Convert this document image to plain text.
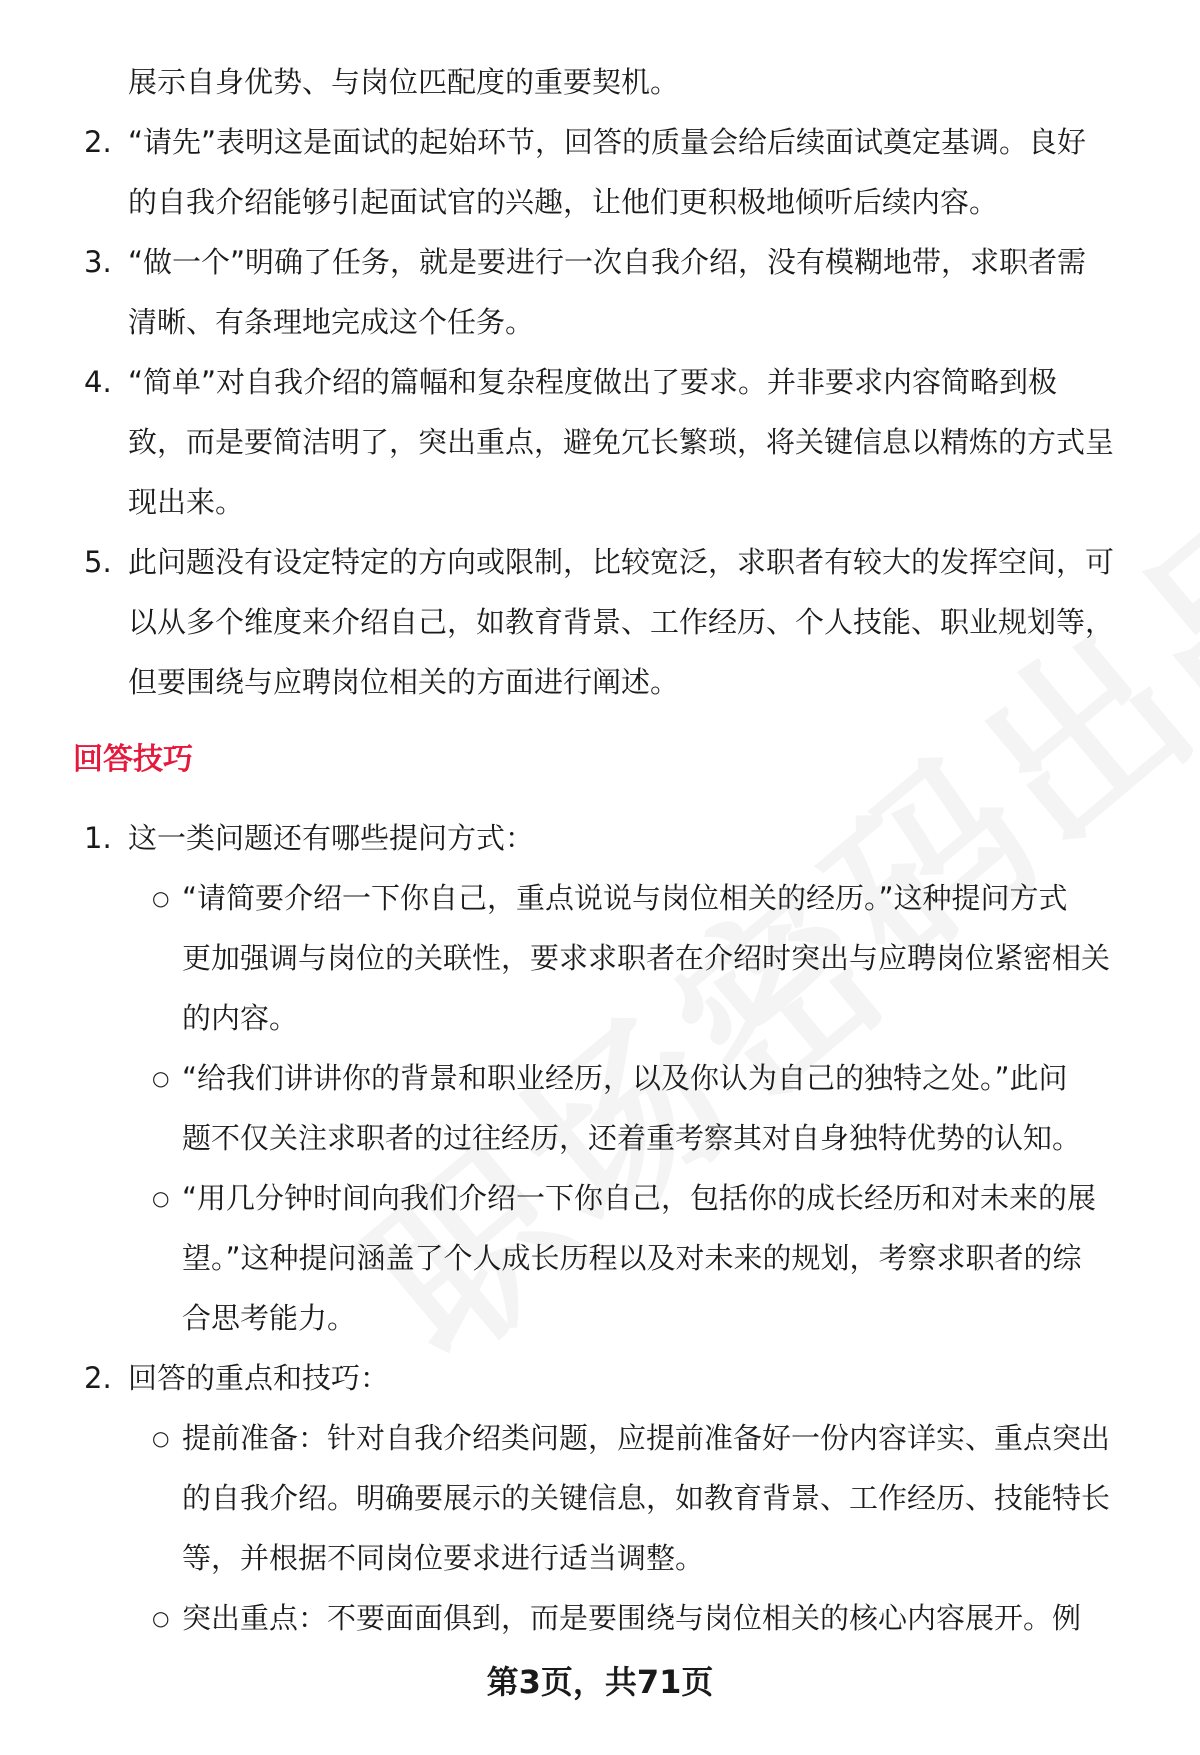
展示自身优势、与岗位匹配度的重要契机。
2. “请先”表明这是面试的起始环节，回答的质量会给后续面试奠定基调。良好
的自我介绍能够引起面试官的兴趣，让他们更积极地倾听后续内容。
3. “做一个”明确了任务，就是要进行一次自我介绍，没有模糊地带，求职者需
清晰、有条理地完成这个任务。
4. “简单”对自我介绍的篇幅和复杂程度做出了要求。并非要求内容简略到极
致，而是要简洁明了，突出重点，避免冗长繁琐，将关键信息以精炼的方式呈
现出来。
5. 此问题没有设定特定的方向或限制，比较宽泛，求职者有较大的发挥空间，可
以从多个维度来介绍自己，如教育背景、工作经历、个人技能、职业规划等，
但要围绕与应聘岗位相关的方面进行阐述。
回答技巧
1. 这一类问题还有哪些提问方式：
○ “请简要介绍一下你自己，重点说说与岗位相关的经历。”这种提问方式
更加强调与岗位的关联性，要求求职者在介绍时突出与应聘岗位紧密相关
的内容。
○ “给我们讲讲你的背景和职业经历，以及你认为自己的独特之处。”此问
题不仅关注求职者的过往经历，还着重考察其对自身独特优势的认知。
○ “用几分钟时间向我们介绍一下你自己，包括你的成长经历和对未来的展
望。”这种提问涵盖了个人成长历程以及对未来的规划，考察求职者的综
合思考能力。
2. 回答的重点和技巧：
○ 提前准备：针对自我介绍类问题，应提前准备好一份内容详实、重点突出
的自我介绍。明确要展示的关键信息，如教育背景、工作经历、技能特长
等，并根据不同岗位要求进行适当调整。
○ 突出重点：不要面面俱到，而是要围绕与岗位相关的核心内容展开。例
第3页，共71页
